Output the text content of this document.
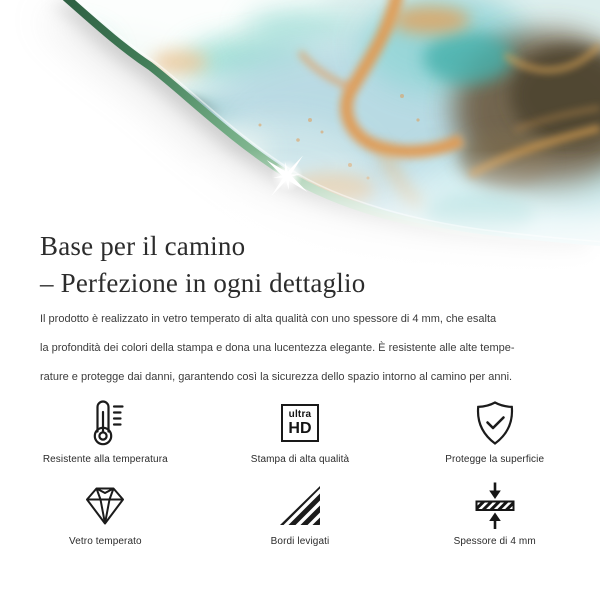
Base per il camino
– Perfezione in ogni dettaglio
Il prodotto è realizzato in vetro temperato di alta qualità con uno spessore di 4 mm, che esalta
la profondità dei colori della stampa e dona una lucentezza elegante. È resistente alle alte tempe-
rature e protegge dai danni, garantendo così la sicurezza dello spazio intorno al camino per anni.
Resistente alla temperatura
ultra
HD
Stampa di alta qualità	Protegge la superficie
Vetro temperato	Bordi levigati	Spessore di 4 mm
